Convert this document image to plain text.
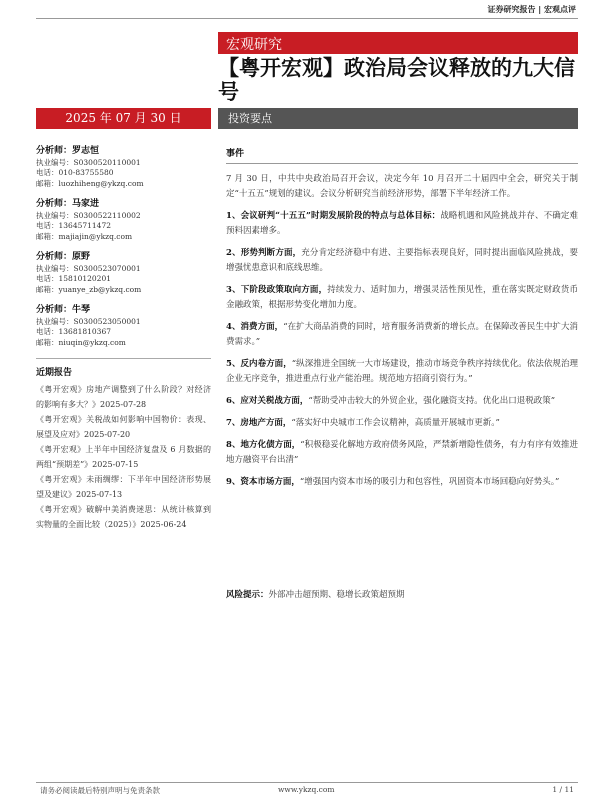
证券研究报告 | 宏观点评
宏观研究
【粤开宏观】政治局会议释放的九大信号
2025 年 07 月 30 日	投资要点
分析师：罗志恒
执业编号：S0300520110001
电话：010-83755580
邮箱：luozhiheng@ykzq.com
分析师：马家进
执业编号：S0300522110002
电话：13645711472
邮箱：majiajin@ykzq.com
分析师：原野
执业编号：S0300523070001
电话：15810120201
邮箱：yuanye_zb@ykzq.com
分析师：牛琴
执业编号：S0300523050001
电话：13681810367
邮箱：niuqin@ykzq.com
近期报告
《粤开宏观》房地产调整到了什么阶段？对经济的影响有多大？》2025-07-28
《粤开宏观》关税战如何影响中国物价：表现、展望及应对》2025-07-20
《粤开宏观》上半年中国经济复盘及 6 月数据的两组“预期差”》2025-07-15
《粤开宏观》未雨绸缪：下半年中国经济形势展望及建议》2025-07-13
《粤开宏观》破解中美消费迷思：从统计核算到实物量的全面比较（2025）》2025-06-24
事件
7 月 30 日，中共中央政治局召开会议，决定今年 10 月召开二十届四中全会，研究关于制定“十五五”规划的建议。会议分析研究当前经济形势，部署下半年经济工作。
1、会议研判“十五五”时期发展阶段的特点与总体目标：战略机遇和风险挑战并存、不确定难预料因素增多。
2、形势判断方面，充分肯定经济稳中有进、主要指标表现良好，同时提出面临风险挑战，要增强忧患意识和底线思维。
3、下阶段政策取向方面，持续发力、适时加力，增强灵活性预见性，重在落实既定财政货币金融政策，根据形势变化增加力度。
4、消费方面，“在扩大商品消费的同时，培育服务消费新的增长点。在保障改善民生中扩大消费需求。”
5、反内卷方面，“纵深推进全国统一大市场建设，推动市场竞争秩序持续优化。依法依规治理企业无序竞争，推进重点行业产能治理。规范地方招商引资行为。”
6、应对关税战方面，“帮助受冲击较大的外贸企业，强化融资支持。优化出口退税政策”
7、房地产方面，“落实好中央城市工作会议精神，高质量开展城市更新。”
8、地方化债方面，“积极稳妥化解地方政府债务风险，严禁新增隐性债务，有力有序有效推进地方融资平台出清”
9、资本市场方面，“增强国内资本市场的吸引力和包容性，巩固资本市场回稳向好势头。”
风险提示：外部冲击超预期、稳增长政策超预期
请务必阅读最后特别声明与免责条款	www.ykzq.com	1 / 11
